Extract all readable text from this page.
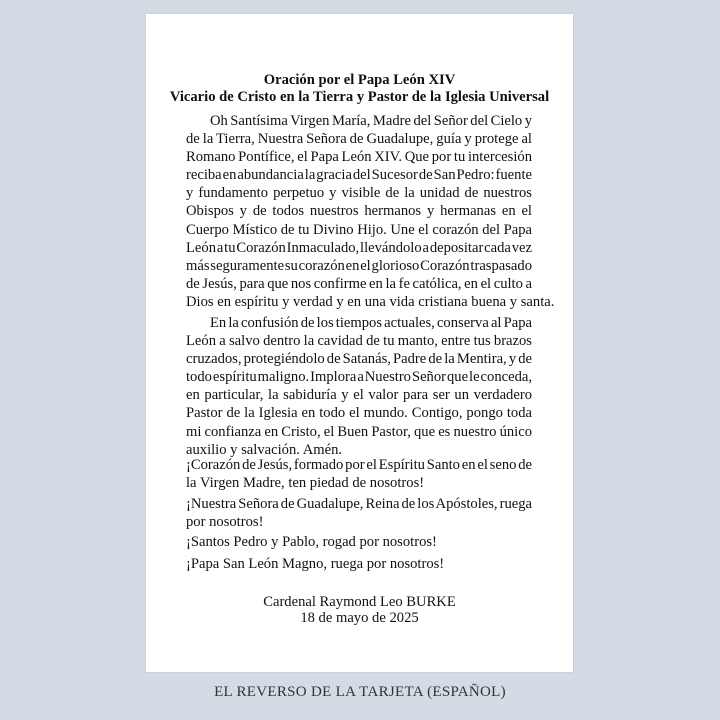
Oración por el Papa León XIV
Vicario de Cristo en la Tierra y Pastor de la Iglesia Universal
Oh Santísima Virgen María, Madre del Señor del Cielo y
de la Tierra, Nuestra Señora de Guadalupe, guía y protege al
Romano Pontífice, el Papa León XIV. Que por tu intercesión
reciba en abundancia la gracia del Sucesor de San Pedro: fuente
y fundamento perpetuo y visible de la unidad de nuestros
Obispos y de todos nuestros hermanos y hermanas en el
Cuerpo Místico de tu Divino Hijo. Une el corazón del Papa
León a tu Corazón Inmaculado, llevándolo a depositar cada vez
más seguramente su corazón en el glorioso Corazón traspasado
de Jesús, para que nos confirme en la fe católica, en el culto a
Dios en espíritu y verdad y en una vida cristiana buena y santa.
En la confusión de los tiempos actuales, conserva al Papa
León a salvo dentro la cavidad de tu manto, entre tus brazos
cruzados, protegiéndolo de Satanás, Padre de la Mentira, y de
todo espíritu maligno. Implora a Nuestro Señor que le conceda,
en particular, la sabiduría y el valor para ser un verdadero
Pastor de la Iglesia en todo el mundo. Contigo, pongo toda
mi confianza en Cristo, el Buen Pastor, que es nuestro único
auxilio y salvación. Amén.
¡Corazón de Jesús, formado por el Espíritu Santo en el seno de
la Virgen Madre, ten piedad de nosotros!
¡Nuestra Señora de Guadalupe, Reina de los Apóstoles, ruega
por nosotros!
¡Santos Pedro y Pablo, rogad por nosotros!
¡Papa San León Magno, ruega por nosotros!
Cardenal Raymond Leo BURKE
18 de mayo de 2025
EL REVERSO DE LA TARJETA (ESPAÑOL)
